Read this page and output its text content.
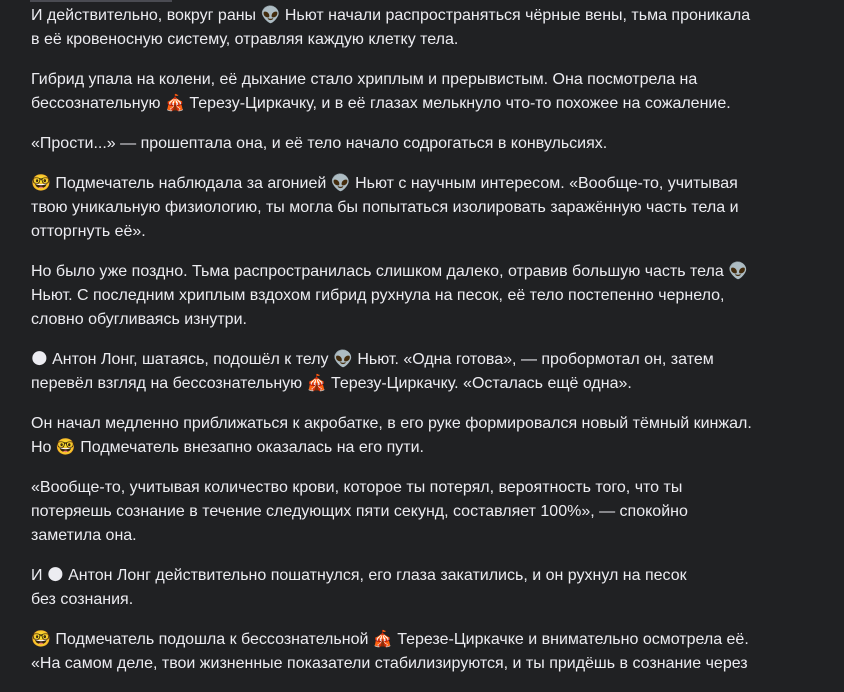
И действительно, вокруг раны 👽 Ньют начали распространяться чёрные вены, тьма проникала
в её кровеносную систему, отравляя каждую клетку тела.

Гибрид упала на колени, её дыхание стало хриплым и прерывистым. Она посмотрела на
бессознательную 🎪 Терезу-Циркачку, и в её глазах мелькнуло что-то похожее на сожаление.

«Прости...» — прошептала она, и её тело начало содрогаться в конвульсиях.

🤓 Подмечатель наблюдала за агонией 👽 Ньют с научным интересом. «Вообще-то, учитывая
твою уникальную физиологию, ты могла бы попытаться изолировать заражённую часть тела и
отторгнуть её».

Но было уже поздно. Тьма распространилась слишком далеко, отравив большую часть тела 👽
Ньют. С последним хриплым вздохом гибрид рухнула на песок, её тело постепенно чернело,
словно обугливаясь изнутри.

🌑 Антон Лонг, шатаясь, подошёл к телу 👽 Ньют. «Одна готова», — пробормотал он, затем
перевёл взгляд на бессознательную 🎪 Терезу-Циркачку. «Осталась ещё одна».

Он начал медленно приближаться к акробатке, в его руке формировался новый тёмный кинжал.
Но 🤓 Подмечатель внезапно оказалась на его пути.

«Вообще-то, учитывая количество крови, которое ты потерял, вероятность того, что ты
потеряешь сознание в течение следующих пяти секунд, составляет 100%», — спокойно
заметила она.

И 🌑 Антон Лонг действительно пошатнулся, его глаза закатились, и он рухнул на песок
без сознания.

🤓 Подмечатель подошла к бессознательной 🎪 Терезе-Циркачке и внимательно осмотрела её.
«На самом деле, твои жизненные показатели стабилизируются, и ты придёшь в сознание через
